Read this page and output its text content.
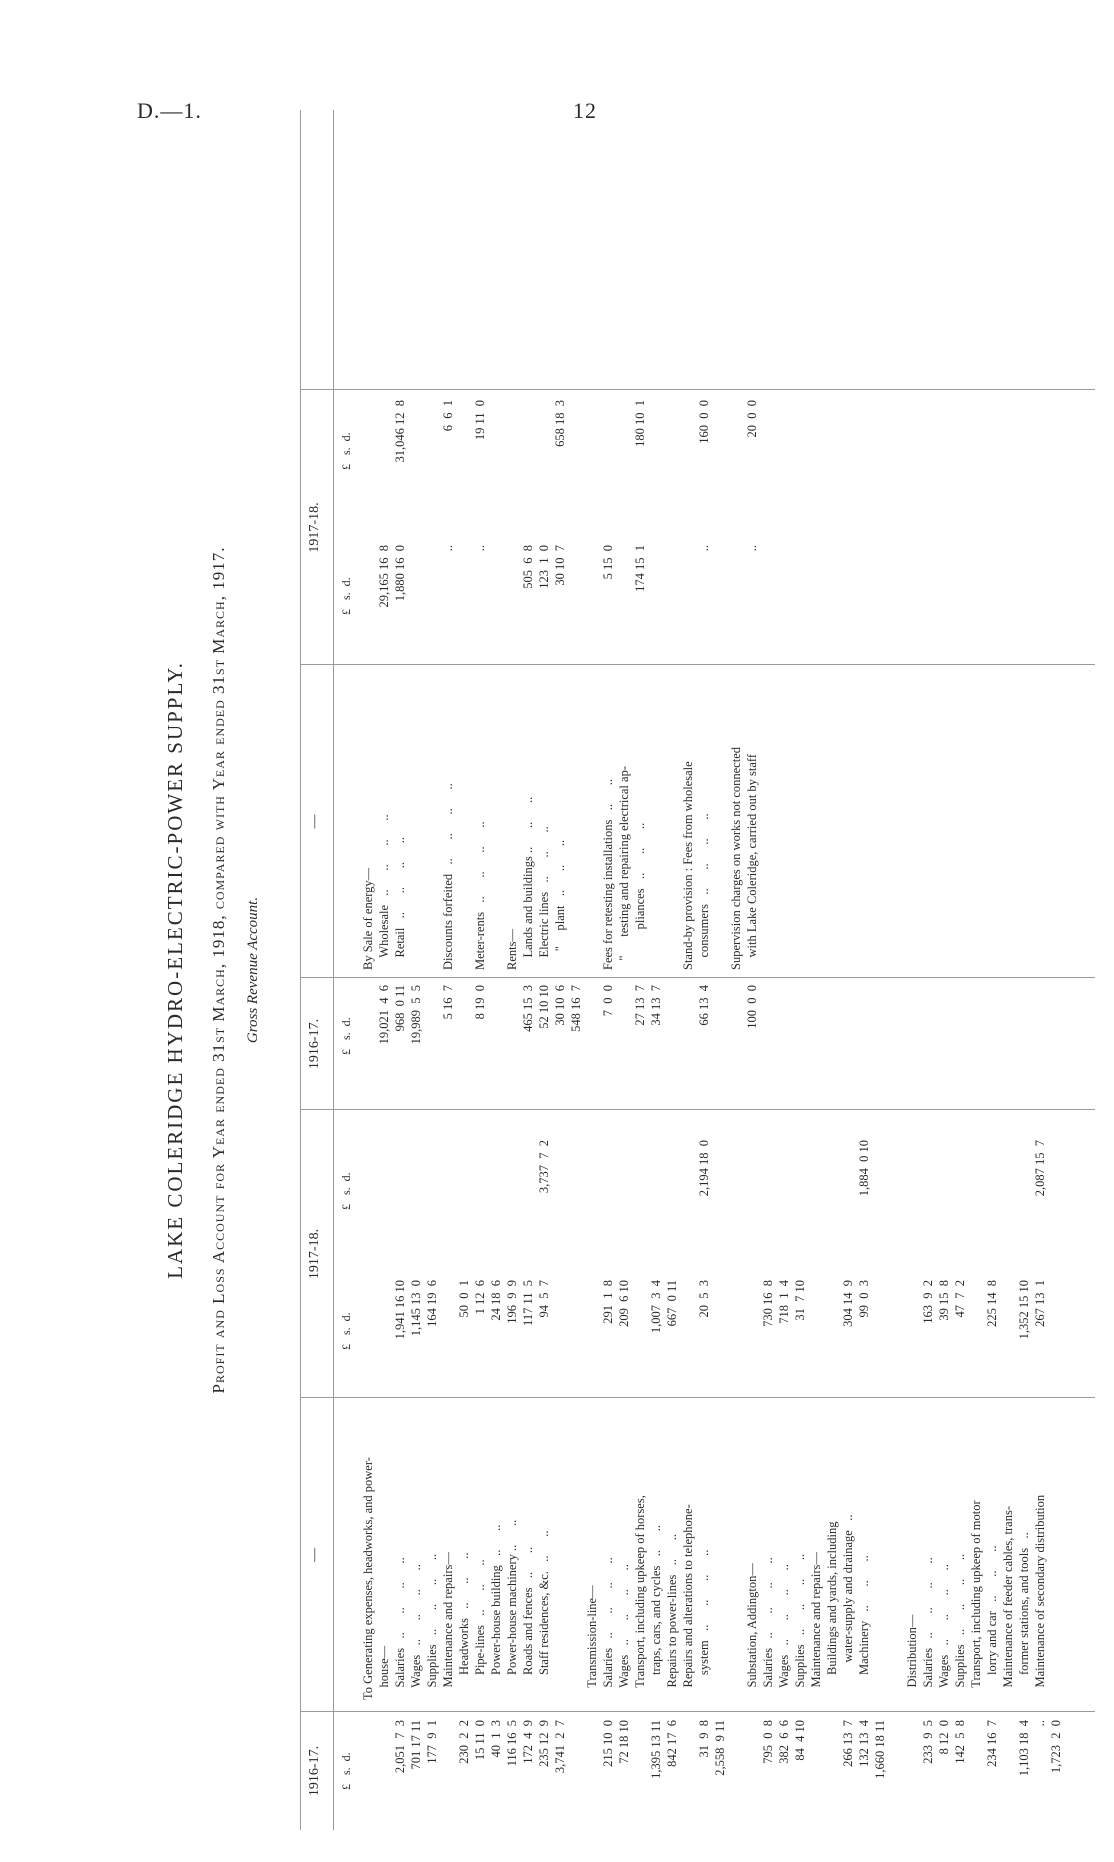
D.—1.	12
LAKE COLERIDGE HYDRO-ELECTRIC-POWER SUPPLY. Profit and Loss Account for Year ended 31st March, 1918, compared with Year ended 31st March, 1917. Gross Revenue Account.
1916-17.
—
1917-18.
1916-17.
—
1917-18.
£   s.  d.
£   s.  d.
£   s.  d.
£   s.  d.
£   s.  d.
£   s.  d.
To Generating expenses, headworks, and power- house—
2,051  7  3
Salaries   ..      ..      ..      ..
1,941 16 10
701 17 11
Wages   ..      ..      ..      ..
1,145 13  0
177  9  1
Supplies   ..      ..      ..      ..
164 19  6
Maintenance and repairs—
230  2  2
Headworks   ..      ..      ..
50  0  1
15 11  0
Pipe-lines   ..      ..      ..
1 12  6
40  1  3
Power-house building   ..      ..
24 18  6
116 16  5
Power-house machinery ..      ..
196  9  9
172  4  9
Roads and fences   ..      ..
117 11  5
235 12  9
Staff residences, &c.   ..      ..
94  5  7
3,737  7  2
3,741  2  7
Transmission-line—
215 10  0
Salaries   ..      ..      ..      ..
291  1  8
72 18 10
Wages   ..      ..      ..      ..
209  6 10
Transport, including upkeep of horses,
1,395 13 11
traps, cars, and cycles   ..      ..
1,007  3  4
842 17  6
Repairs to power-lines   ..      ..
667  0 11
Repairs and alterations to telephone-
31  9  8
system   ..      ..      ..      ..
20  5  3
2,194 18  0
2,558  9 11
Substation, Addington—
795  0  8
Salaries   ..      ..      ..      ..
730 16  8
382  6  6
Wages   ..      ..      ..      ..
718  1  4
84  4 10
Supplies   ..      ..      ..      ..
31  7 10
Maintenance and repairs— Buildings and yards, including
266 13  7
water-supply and drainage   ..
304 14  9
132 13  4
Machinery   ..      ..      ..
99  0  3
1,884  0 10
1,660 18 11
Distribution—
233  9  5
Salaries   ..      ..      ..      ..
163  9  2
8 12  0
Wages   ..      ..      ..      ..
39 15  8
142  5  8
Supplies   ..      ..      ..      ..
47  7  2
Transport, including upkeep of motor
234 16  7
lorry and car   ..      ..      ..
225 14  8
Maintenance of feeder cables, trans-
1,103 18  4
former stations, and tools   ..
1,352 15 10
..
Maintenance of secondary distribution
267 13  1
2,087 15  7
1,723  2  0
By Sale of energy—
19,021  4  6
Wholesale   ..      ..      ..      ..
29,165 16  8
968  0 11
Retail   ..      ..      ..      ..
1,880 16  0
31,046 12  8
19,989  5  5 5 16  7
Discounts forfeited   ..      ..      ..      ..
..
6  6  1
8 19  0
Meter-rents   ..      ..      ..      ..
..
19 11  0
Rents—
465 15  3
Lands and buildings ..      ..      ..
505  6  8
52 10 10
Electric lines   ..      ..      ..
123  1  0
30 10  6
"     plant   ..      ..      ..
30 10  7
658 18  3
548 16  7 7  0  0
Fees for retesting installations   ..      ..
5 15  0
"      testing and repairing electrical ap-
27 13  7
pliances   ..      ..      ..
174 15  1
180 10  1
34 13  7
Stand-by provision : Fees from wholesale
66 13  4
consumers   ..      ..      ..      ..
..
160  0  0
Supervision charges on works not connected
100  0  0
with Lake Coleridge, carried out by staff
..
20  0  0
